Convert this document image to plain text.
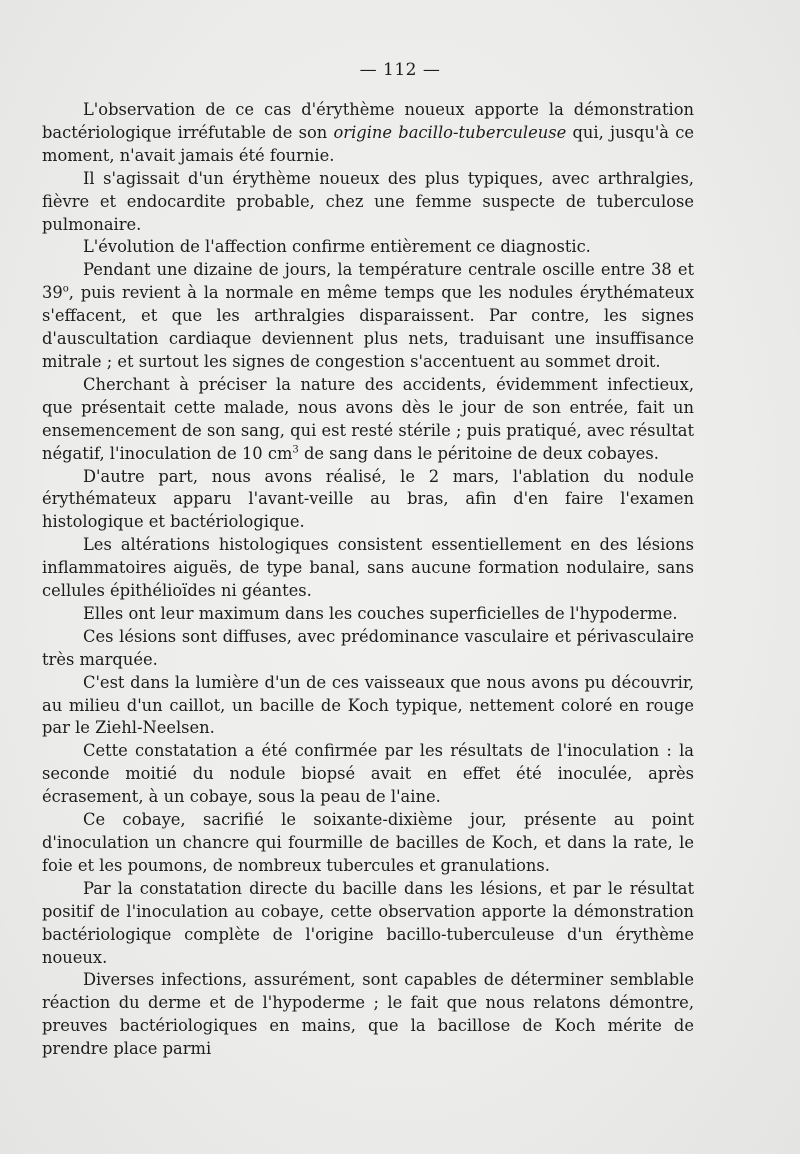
— 112 —

L'observation de ce cas d'érythème noueux apporte la démonstration bactériologique irréfutable de son origine bacillo-tuberculeuse qui, jusqu'à ce moment, n'avait jamais été fournie.

Il s'agissait d'un érythème noueux des plus typiques, avec arthralgies, fièvre et endocardite probable, chez une femme suspecte de tuberculose pulmonaire.

L'évolution de l'affection confirme entièrement ce diagnostic.

Pendant une dizaine de jours, la température centrale oscille entre 38 et 39$^o$, puis revient à la normale en même temps que les nodules érythémateux s'effacent, et que les arthralgies disparaissent. Par contre, les signes d'auscultation cardiaque deviennent plus nets, traduisant une insuffisance mitrale ; et surtout les signes de congestion s'accentuent au sommet droit.

Cherchant à préciser la nature des accidents, évidemment infectieux, que présentait cette malade, nous avons dès le jour de son entrée, fait un ensemencement de son sang, qui est resté stérile ; puis pratiqué, avec résultat négatif, l'inoculation de 10 $cm^3$ de sang dans le péritoine de deux cobayes.

D'autre part, nous avons réalisé, le 2 mars, l'ablation du nodule érythémateux apparu l'avant-veille au bras, afin d'en faire l'examen histologique et bactériologique.

Les altérations histologiques consistent essentiellement en des lésions inflammatoires aiguës, de type banal, sans aucune formation nodulaire, sans cellules épithélioïdes ni géantes.

Elles ont leur maximum dans les couches superficielles de l'hypoderme.

Ces lésions sont diffuses, avec prédominance vasculaire et périvasculaire très marquée.

C'est dans la lumière d'un de ces vaisseaux que nous avons pu découvrir, au milieu d'un caillot, un bacille de Koch typique, nettement coloré en rouge par le Ziehl-Neelsen.

Cette constatation a été confirmée par les résultats de l'inoculation : la seconde moitié du nodule biopsé avait en effet été inoculée, après écrasement, à un cobaye, sous la peau de l'aine.

Ce cobaye, sacrifié le soixante-dixième jour, présente au point d'inoculation un chancre qui fourmille de bacilles de Koch, et dans la rate, le foie et les poumons, de nombreux tubercules et granulations.

Par la constatation directe du bacille dans les lésions, et par le résultat positif de l'inoculation au cobaye, cette observation apporte la démonstration bactériologique complète de l'origine bacillo-tuberculeuse d'un érythème noueux.

Diverses infections, assurément, sont capables de déterminer semblable réaction du derme et de l'hypoderme ; le fait que nous relatons démontre, preuves bactériologiques en mains, que la bacillose de Koch mérite de prendre place parmi
